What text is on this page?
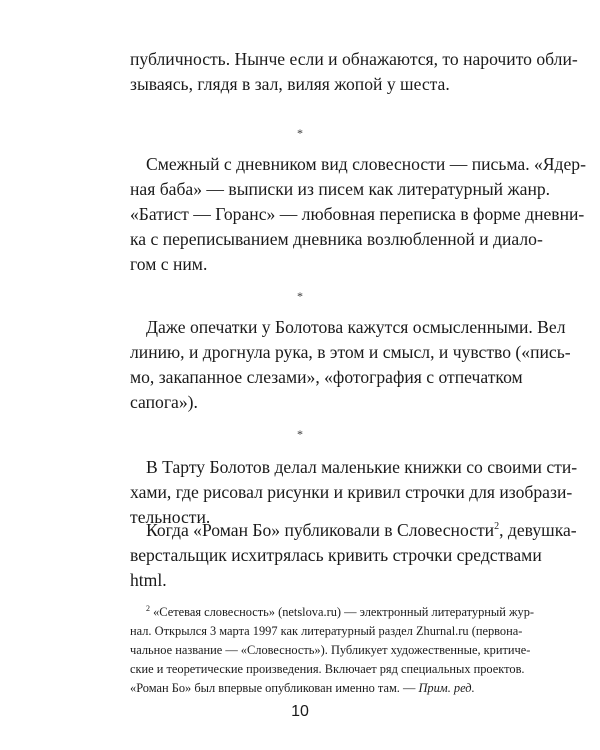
публичность. Нынче если и обнажаются, то нарочито обли-
зываясь, глядя в зал, виляя жопой у шеста.
*
Смежный с дневником вид словесности — письма. «Ядер-
ная баба» — выписки из писем как литературный жанр.
«Батист — Горанс» — любовная переписка в форме дневни-
ка с переписыванием дневника возлюбленной и диало-
гом с ним.
*
Даже опечатки у Болотова кажутся осмысленными. Вел
линию, и дрогнула рука, в этом и смысл, и чувство («пись-
мо, закапанное слезами», «фотография с отпечатком
сапога»).
*
В Тарту Болотов делал маленькие книжки со своими сти-
хами, где рисовал рисунки и кривил строчки для изобрази-
тельности.
Когда «Роман Бо» публиковали в Словесности$^2$, девушка-
верстальщик исхитрялась кривить строчки средствами
html.
$^2$ «Сетевая словесность» (netslova.ru) — электронный литературный жур-
нал. Открылся 3 марта 1997 как литературный раздел Zhurnal.ru (первона-
чальное название — «Словесность»). Публикует художественные, критиче-
ские и теоретические произведения. Включает ряд специальных проектов.
«Роман Бо» был впервые опубликован именно там. — Прим. ред.
10
